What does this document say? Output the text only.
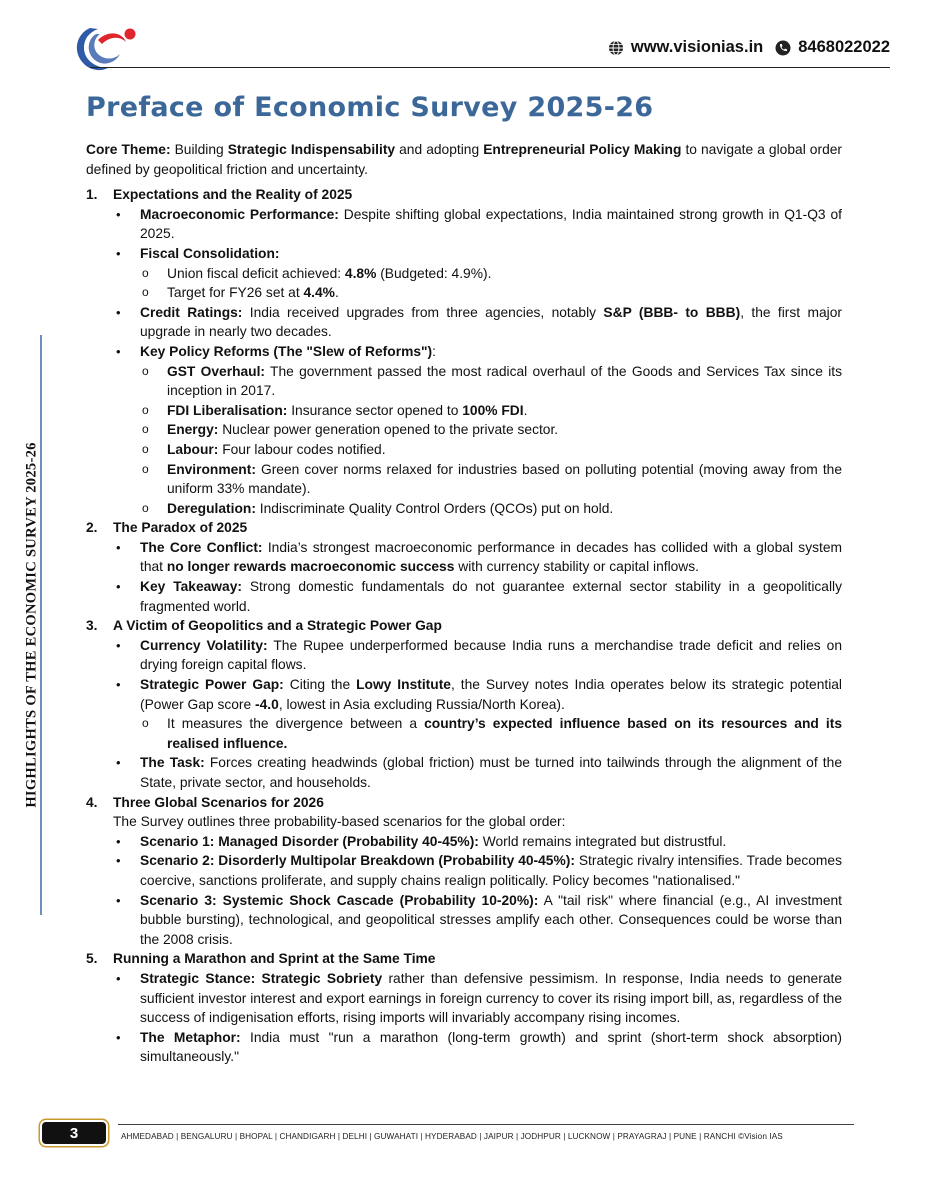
www.visionias.in 8468022022
HIGHLIGHTS OF THE ECONOMIC SURVEY 2025-26
Preface of Economic Survey 2025-26

Core Theme: Building Strategic Indispensability and adopting Entrepreneurial Policy Making to navigate a global order defined by geopolitical friction and uncertainty.

1. Expectations and the Reality of 2025
• Macroeconomic Performance: Despite shifting global expectations, India maintained strong growth in Q1-Q3 of 2025.
• Fiscal Consolidation:
o Union fiscal deficit achieved: 4.8% (Budgeted: 4.9%).
o Target for FY26 set at 4.4%.
• Credit Ratings: India received upgrades from three agencies, notably S&P (BBB- to BBB), the first major upgrade in nearly two decades.
• Key Policy Reforms (The "Slew of Reforms"):
o GST Overhaul: The government passed the most radical overhaul of the Goods and Services Tax since its inception in 2017.
o FDI Liberalisation: Insurance sector opened to 100% FDI.
o Energy: Nuclear power generation opened to the private sector.
o Labour: Four labour codes notified.
o Environment: Green cover norms relaxed for industries based on polluting potential (moving away from the uniform 33% mandate).
o Deregulation: Indiscriminate Quality Control Orders (QCOs) put on hold.
2. The Paradox of 2025
• The Core Conflict: India’s strongest macroeconomic performance in decades has collided with a global system that no longer rewards macroeconomic success with currency stability or capital inflows.
• Key Takeaway: Strong domestic fundamentals do not guarantee external sector stability in a geopolitically fragmented world.
3. A Victim of Geopolitics and a Strategic Power Gap
• Currency Volatility: The Rupee underperformed because India runs a merchandise trade deficit and relies on drying foreign capital flows.
• Strategic Power Gap: Citing the Lowy Institute, the Survey notes India operates below its strategic potential (Power Gap score -4.0, lowest in Asia excluding Russia/North Korea).
o It measures the divergence between a country’s expected influence based on its resources and its realised influence.
• The Task: Forces creating headwinds (global friction) must be turned into tailwinds through the alignment of the State, private sector, and households.
4. Three Global Scenarios for 2026

The Survey outlines three probability-based scenarios for the global order:

• Scenario 1: Managed Disorder (Probability 40-45%): World remains integrated but distrustful.
• Scenario 2: Disorderly Multipolar Breakdown (Probability 40-45%): Strategic rivalry intensifies. Trade becomes coercive, sanctions proliferate, and supply chains realign politically. Policy becomes "nationalised."
• Scenario 3: Systemic Shock Cascade (Probability 10-20%): A "tail risk" where financial (e.g., AI investment bubble bursting), technological, and geopolitical stresses amplify each other. Consequences could be worse than the 2008 crisis.
5. Running a Marathon and Sprint at the Same Time
• Strategic Stance: Strategic Sobriety rather than defensive pessimism. In response, India needs to generate sufficient investor interest and export earnings in foreign currency to cover its rising import bill, as, regardless of the success of indigenisation efforts, rising imports will invariably accompany rising incomes.
• The Metaphor: India must "run a marathon (long-term growth) and sprint (short-term shock absorption) simultaneously."
3	AHMEDABAD | BENGALURU | BHOPAL | CHANDIGARH | DELHI | GUWAHATI | HYDERABAD | JAIPUR | JODHPUR | LUCKNOW | PRAYAGRAJ | PUNE | RANCHI ©Vision IAS
